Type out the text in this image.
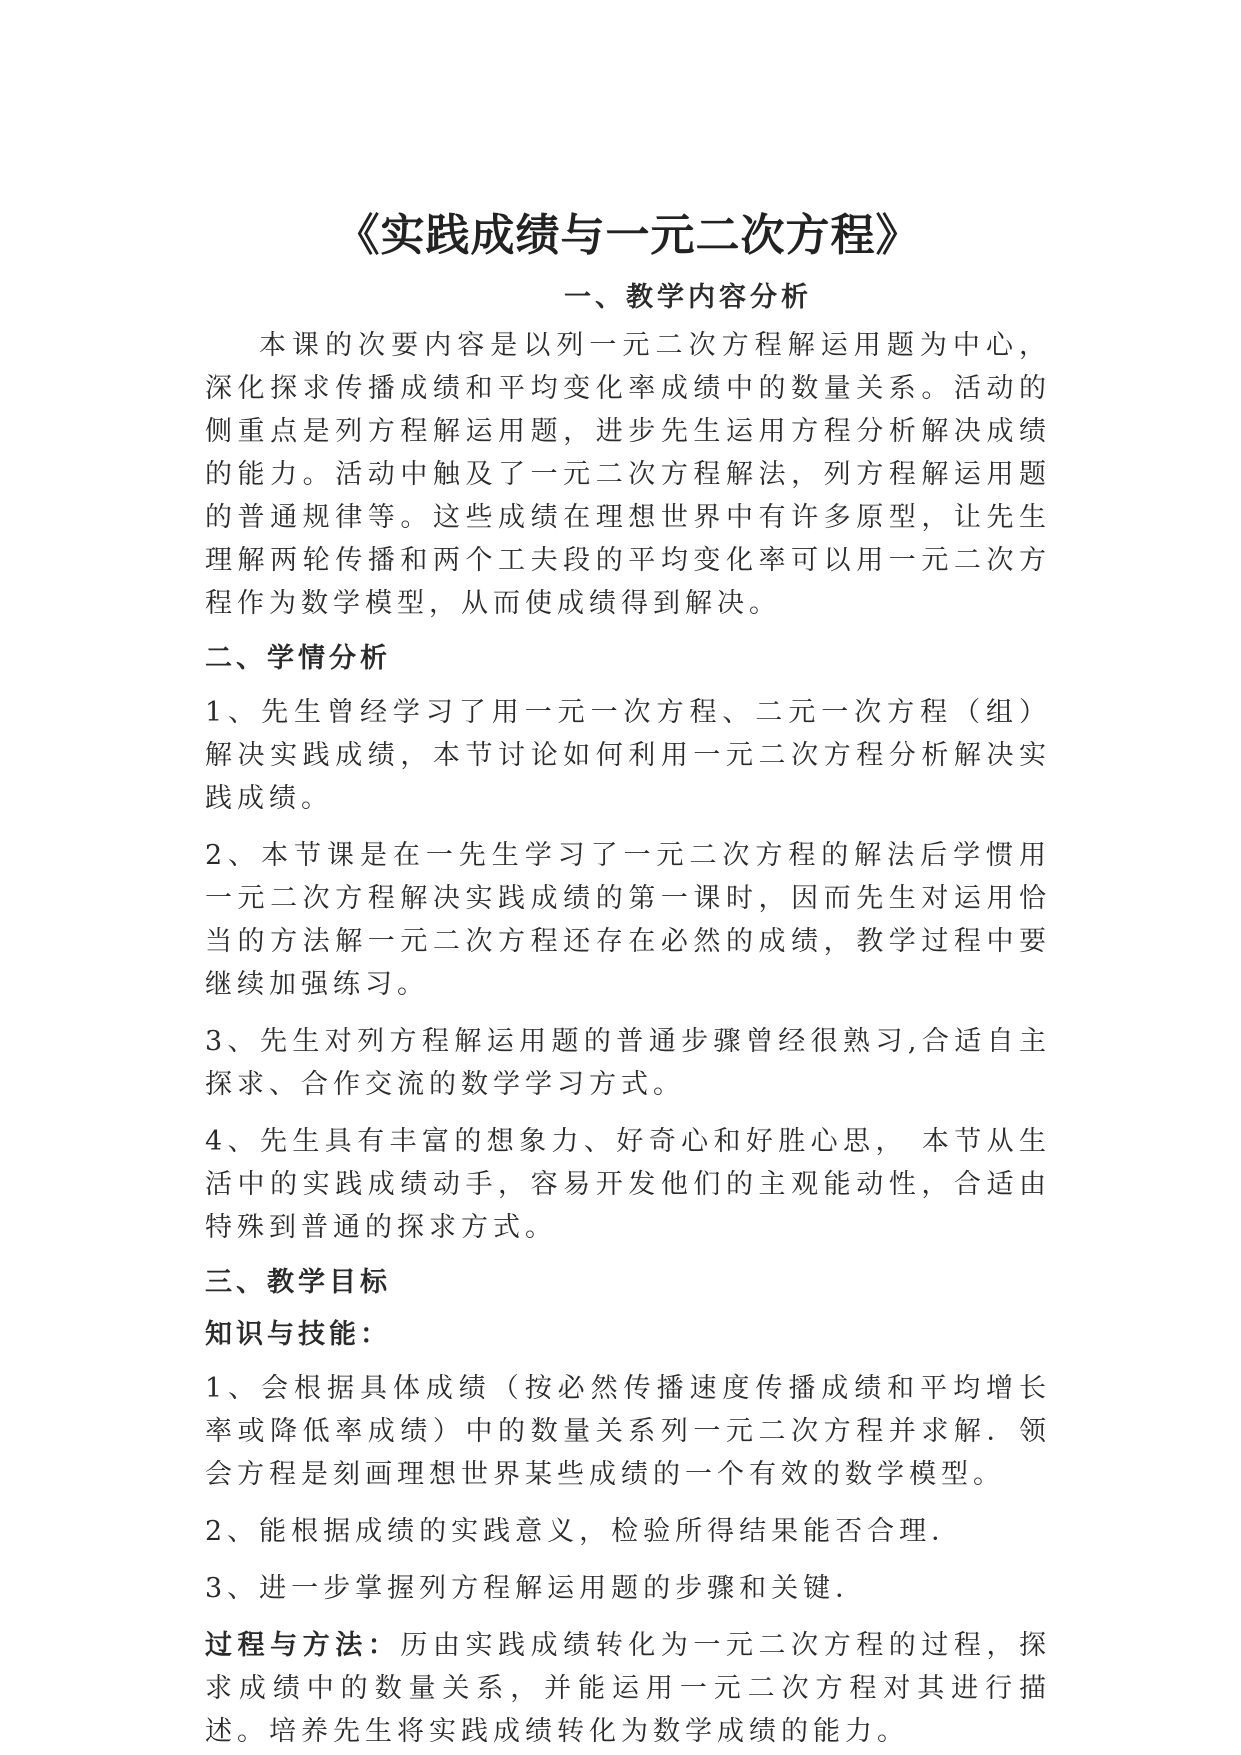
《实践成绩与一元二次方程》
一、教学内容分析

本课的次要内容是以列一元二次方程解运用题为中心，深化探求传播成绩和平均变化率成绩中的数量关系。活动的侧重点是列方程解运用题，进步先生运用方程分析解决成绩的能力。活动中触及了一元二次方程解法，列方程解运用题的普通规律等。这些成绩在理想世界中有许多原型，让先生理解两轮传播和两个工夫段的平均变化率可以用一元二次方程作为数学模型，从而使成绩得到解决。

二、学情分析

1、先生曾经学习了用一元一次方程、二元一次方程（组）解决实践成绩，本节讨论如何利用一元二次方程分析解决实践成绩。

2、本节课是在一先生学习了一元二次方程的解法后学惯用一元二次方程解决实践成绩的第一课时，因而先生对运用恰当的方法解一元二次方程还存在必然的成绩，教学过程中要继续加强练习。

3、先生对列方程解运用题的普通步骤曾经很熟习,合适自主探求、合作交流的数学学习方式。

4、先生具有丰富的想象力、好奇心和好胜心思， 本节从生活中的实践成绩动手，容易开发他们的主观能动性，合适由特殊到普通的探求方式。

三、教学目标
知识与技能：

1、会根据具体成绩（按必然传播速度传播成绩和平均增长率或降低率成绩）中的数量关系列一元二次方程并求解．领会方程是刻画理想世界某些成绩的一个有效的数学模型。

2、能根据成绩的实践意义，检验所得结果能否合理．

3、进一步掌握列方程解运用题的步骤和关键．

过程与方法：历由实践成绩转化为一元二次方程的过程，探求成绩中的数量关系，并能运用一元二次方程对其进行描述。培养先生将实践成绩转化为数学成绩的能力。
